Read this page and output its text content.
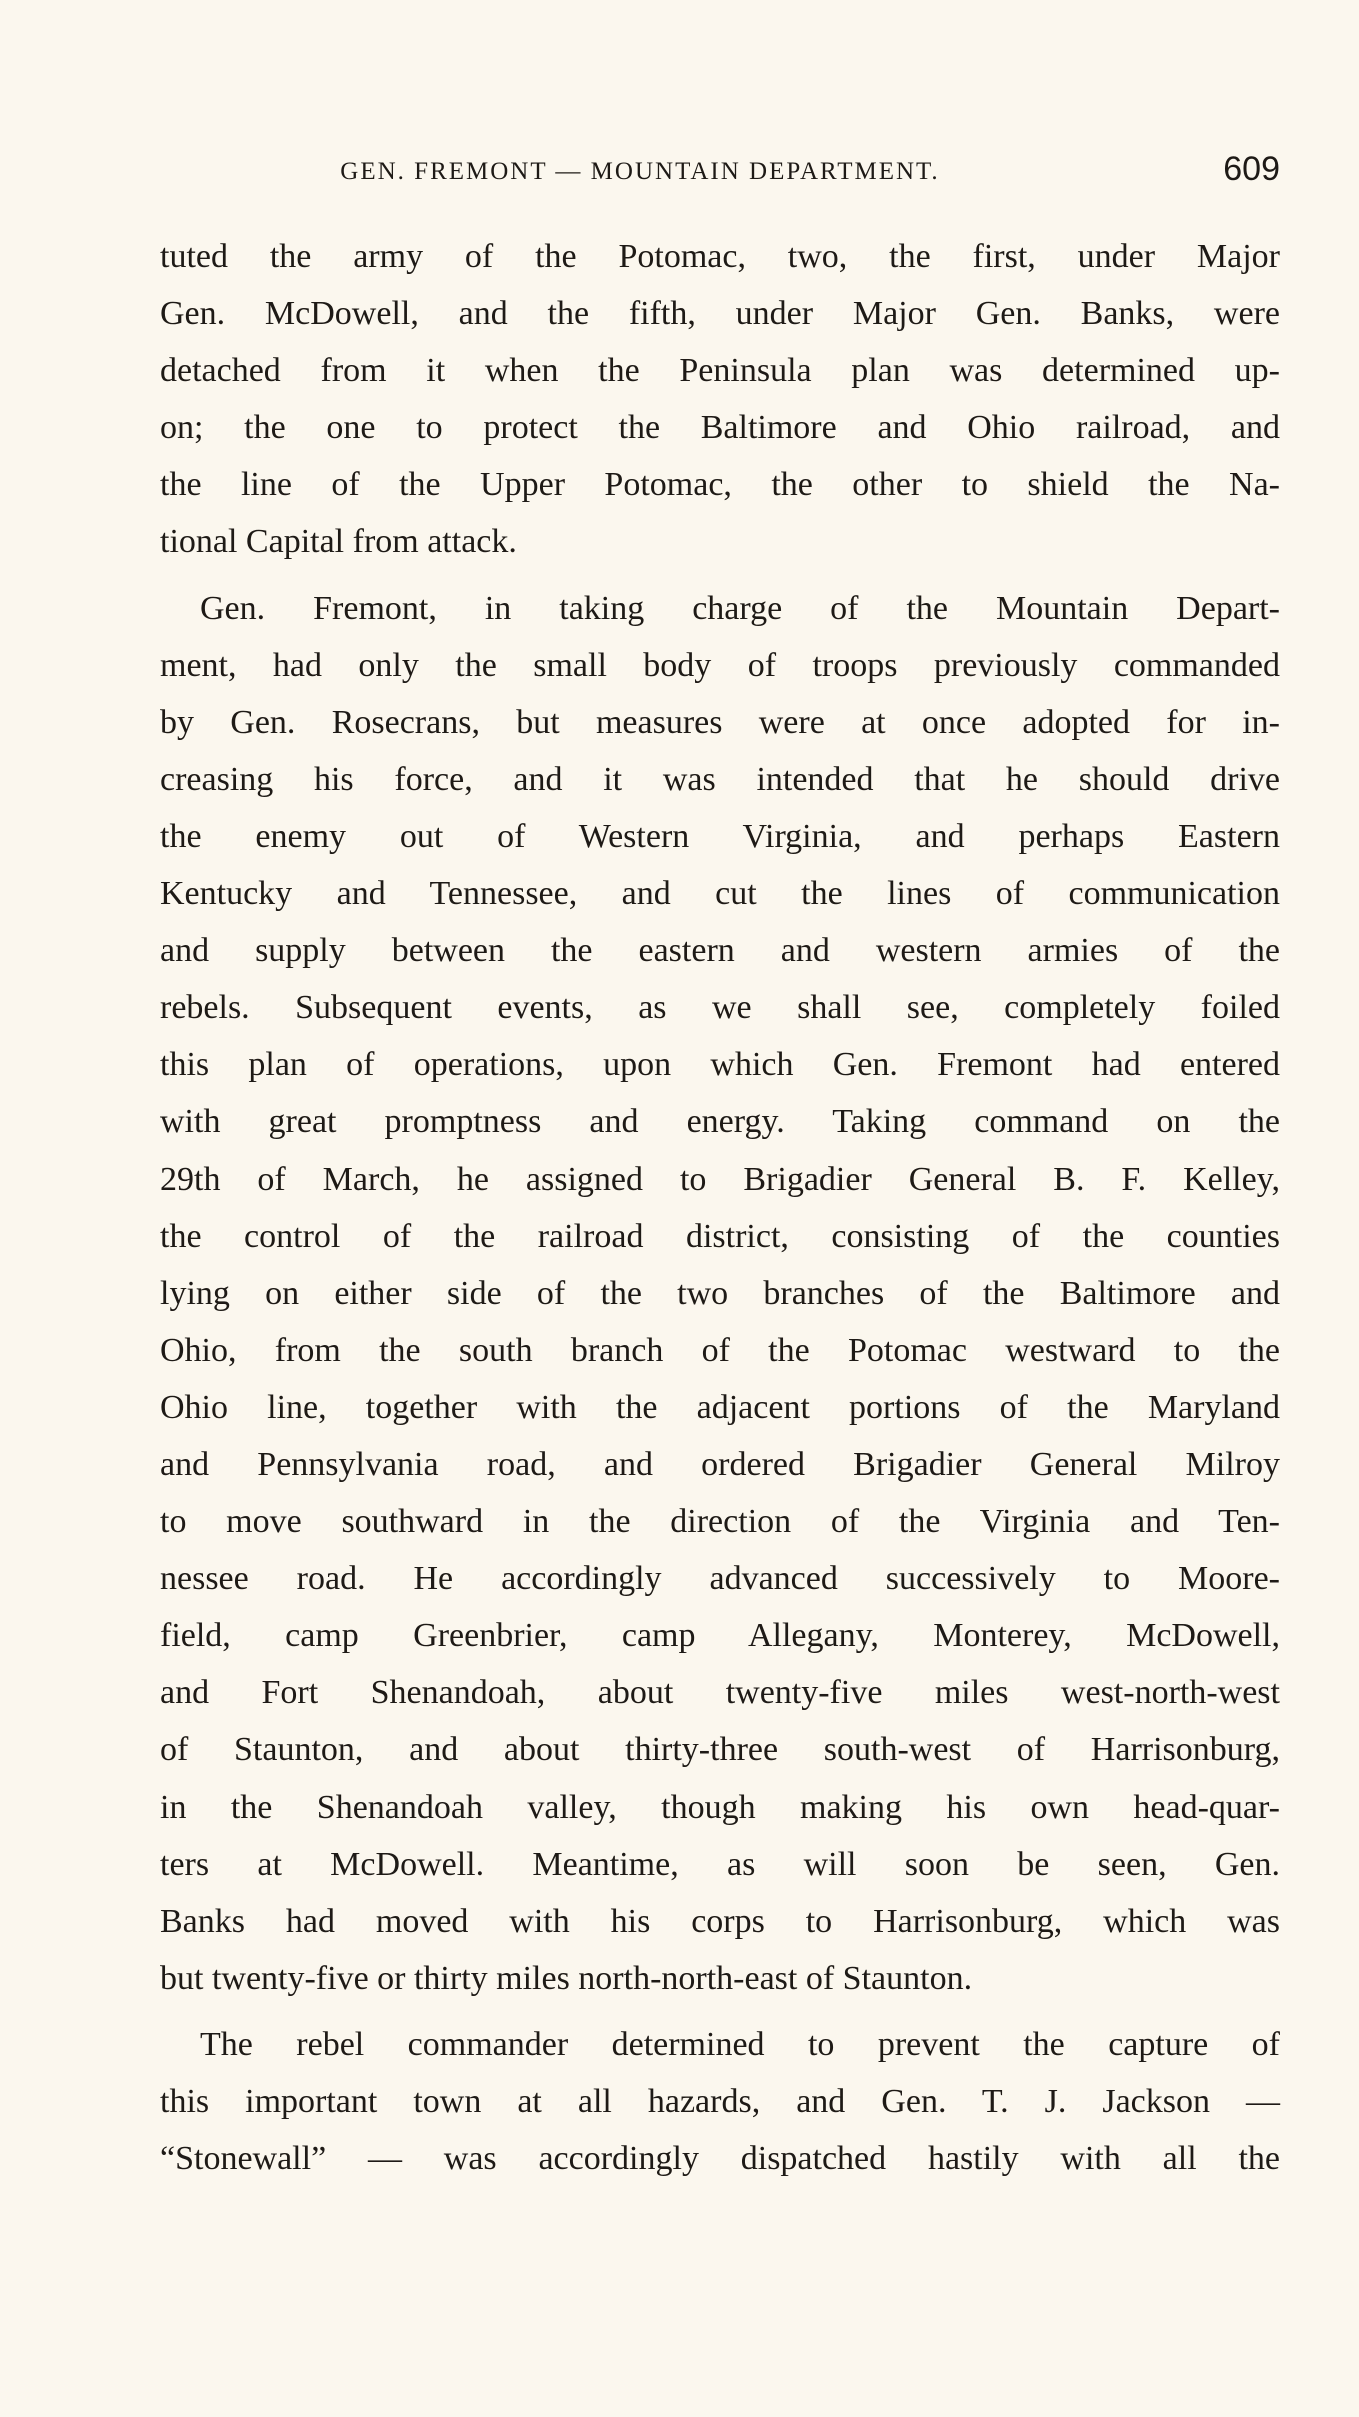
GEN. FREMONT — MOUNTAIN DEPARTMENT.	609
tuted the army of the Potomac, two, the first, under Major
Gen. McDowell, and the fifth, under Major Gen. Banks, were
detached from it when the Peninsula plan was determined up-
on; the one to protect the Baltimore and Ohio railroad, and
the line of the Upper Potomac, the other to shield the Na-
tional Capital from attack.
Gen. Fremont, in taking charge of the Mountain Depart-
ment, had only the small body of troops previously commanded
by Gen. Rosecrans, but measures were at once adopted for in-
creasing his force, and it was intended that he should drive
the enemy out of Western Virginia, and perhaps Eastern
Kentucky and Tennessee, and cut the lines of communication
and supply between the eastern and western armies of the
rebels. Subsequent events, as we shall see, completely foiled
this plan of operations, upon which Gen. Fremont had entered
with great promptness and energy. Taking command on the
29th of March, he assigned to Brigadier General B. F. Kelley,
the control of the railroad district, consisting of the counties
lying on either side of the two branches of the Baltimore and
Ohio, from the south branch of the Potomac westward to the
Ohio line, together with the adjacent portions of the Maryland
and Pennsylvania road, and ordered Brigadier General Milroy
to move southward in the direction of the Virginia and Ten-
nessee road. He accordingly advanced successively to Moore-
field, camp Greenbrier, camp Allegany, Monterey, McDowell,
and Fort Shenandoah, about twenty-five miles west-north-west
of Staunton, and about thirty-three south-west of Harrisonburg,
in the Shenandoah valley, though making his own head-quar-
ters at McDowell. Meantime, as will soon be seen, Gen.
Banks had moved with his corps to Harrisonburg, which was
but twenty-five or thirty miles north-north-east of Staunton.
The rebel commander determined to prevent the capture of
this important town at all hazards, and Gen. T. J. Jackson —
“Stonewall” — was accordingly dispatched hastily with all the
